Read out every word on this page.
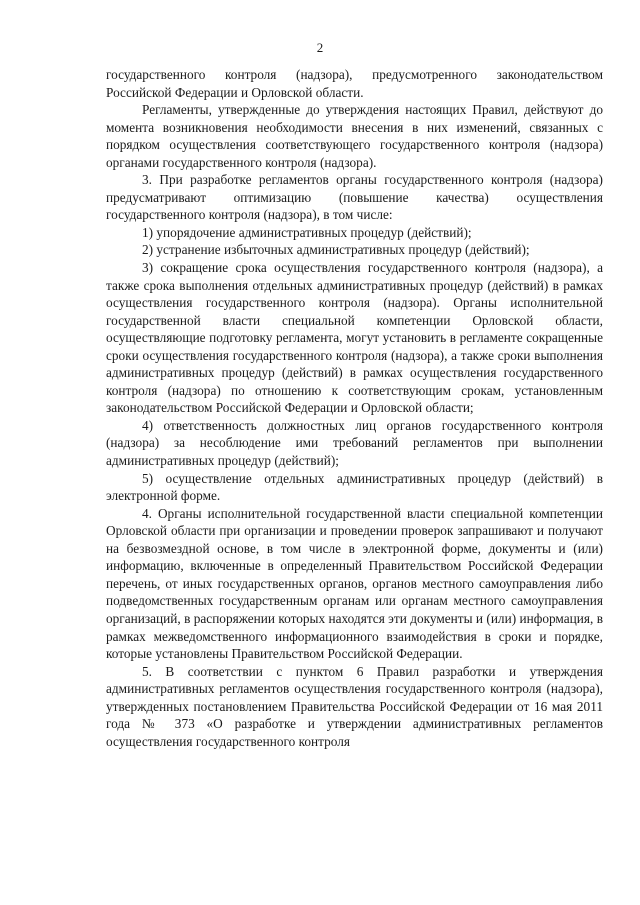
2

государственного контроля (надзора), предусмотренного законодательством Российской Федерации и Орловской области.

Регламенты, утвержденные до утверждения настоящих Правил, действуют до момента возникновения необходимости внесения в них изменений, связанных с порядком осуществления соответствующего государственного контроля (надзора) органами государственного контроля (надзора).

3. При разработке регламентов органы государственного контроля (надзора) предусматривают оптимизацию (повышение качества) осуществления государственного контроля (надзора), в том числе:

1) упорядочение административных процедур (действий);

2) устранение избыточных административных процедур (действий);

3) сокращение срока осуществления государственного контроля (надзора), а также срока выполнения отдельных административных процедур (действий) в рамках осуществления государственного контроля (надзора). Органы исполнительной государственной власти специальной компетенции Орловской области, осуществляющие подготовку регламента, могут установить в регламенте сокращенные сроки осуществления государственного контроля (надзора), а также сроки выполнения административных процедур (действий) в рамках осуществления государственного контроля (надзора) по отношению к соответствующим срокам, установленным законодательством Российской Федерации и Орловской области;

4) ответственность должностных лиц органов государственного контроля (надзора) за несоблюдение ими требований регламентов при выполнении административных процедур (действий);

5) осуществление отдельных административных процедур (действий) в электронной форме.

4. Органы исполнительной государственной власти специальной компетенции Орловской области при организации и проведении проверок запрашивают и получают на безвозмездной основе, в том числе в электронной форме, документы и (или) информацию, включенные в определенный Правительством Российской Федерации перечень, от иных государственных органов, органов местного самоуправления либо подведомственных государственным органам или органам местного самоуправления организаций, в распоряжении которых находятся эти документы и (или) информация, в рамках межведомственного информационного взаимодействия в сроки и порядке, которые установлены Правительством Российской Федерации.

5. В соответствии с пунктом 6 Правил разработки и утверждения административных регламентов осуществления государственного контроля (надзора), утвержденных постановлением Правительства Российской Федерации от 16 мая 2011 года № 373 «О разработке и утверждении административных регламентов осуществления государственного контроля
